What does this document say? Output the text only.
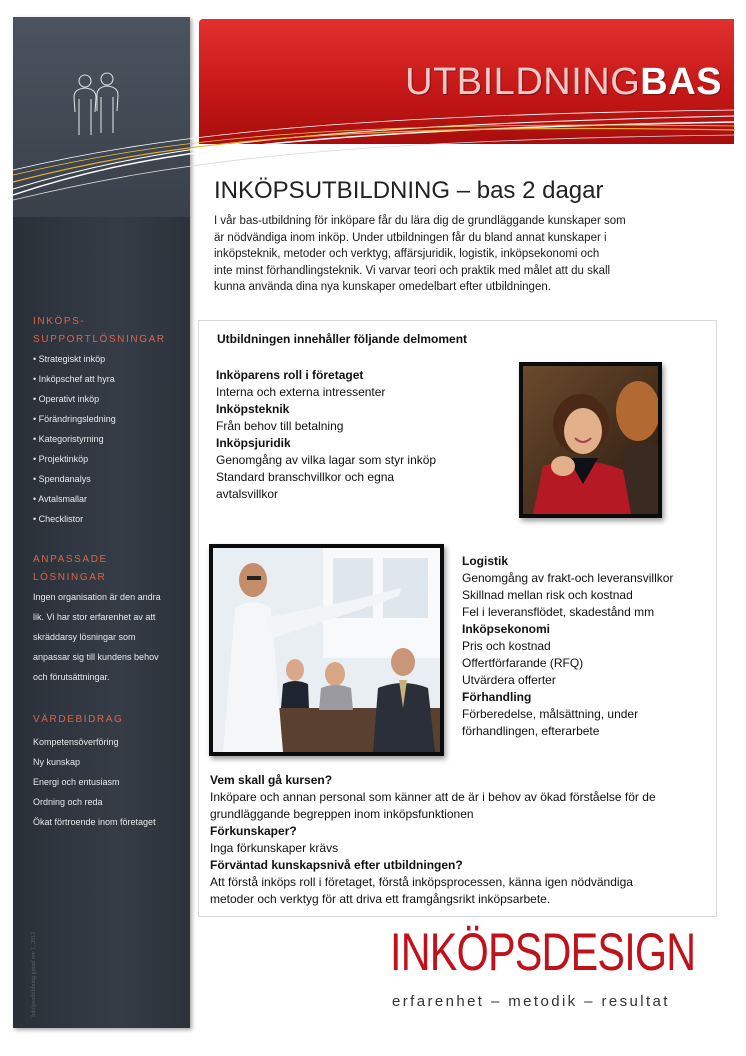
INKÖPS-
SUPPORTLÖSNINGAR
• Strategiskt inköp
• Inköpschef att hyra
• Operativt inköp
• Förändringsledning
• Kategoristyrning
• Projektinköp
• Spendanalys
• Avtalsmallar
• Checklistor
ANPASSADE
LÖSNINGAR

Ingen organisation är den andra

lik. Vi har stor erfarenhet av att

skräddarsy lösningar som

anpassar sig till kundens behov

och förutsättningar.

VÄRDEBIDRAG
Kompetensöverföring
Ny kunskap
Energi och entusiasm
Ordning och reda
Ökat förtroende inom företaget
Inköpsutbildning grund rev 1, 2012
UTBILDNINGBAS
INKÖPSUTBILDNING – bas 2 dagar
I vår bas-utbildning för inköpare får du lära dig de grundläggande kunskaper som
är nödvändiga inom inköp. Under utbildningen får du bland annat kunskaper i
inköpsteknik, metoder och verktyg, affärsjuridik, logistik, inköpsekonomi och
inte minst förhandlingsteknik. Vi varvar teori och praktik med målet att du skall
kunna använda dina nya kunskaper omedelbart efter utbildningen.
Utbildningen innehåller följande delmoment
Inköparens roll i företaget
Interna och externa intressenter
Inköpsteknik
Från behov till betalning
Inköpsjuridik
Genomgång av vilka lagar som styr inköp
Standard branschvillkor och egna
avtalsvillkor
Logistik
Genomgång av frakt-och leveransvillkor
Skillnad mellan risk och kostnad
Fel i leveransflödet, skadestånd mm
Inköpsekonomi
Pris och kostnad
Offertförfarande (RFQ)
Utvärdera offerter
Förhandling
Förberedelse, målsättning, under
förhandlingen, efterarbete
Vem skall gå kursen?
Inköpare och annan personal som känner att de är i behov av ökad förståelse för de
grundläggande begreppen inom inköpsfunktionen
Förkunskaper?
Inga förkunskaper krävs
Förväntad kunskapsnivå efter utbildningen?
Att förstå inköps roll i företaget, förstå inköpsprocessen, känna igen nödvändiga
metoder och verktyg för att driva ett framgångsrikt inköpsarbete.
INKÖPSDESIGN
erfarenhet – metodik – resultat
